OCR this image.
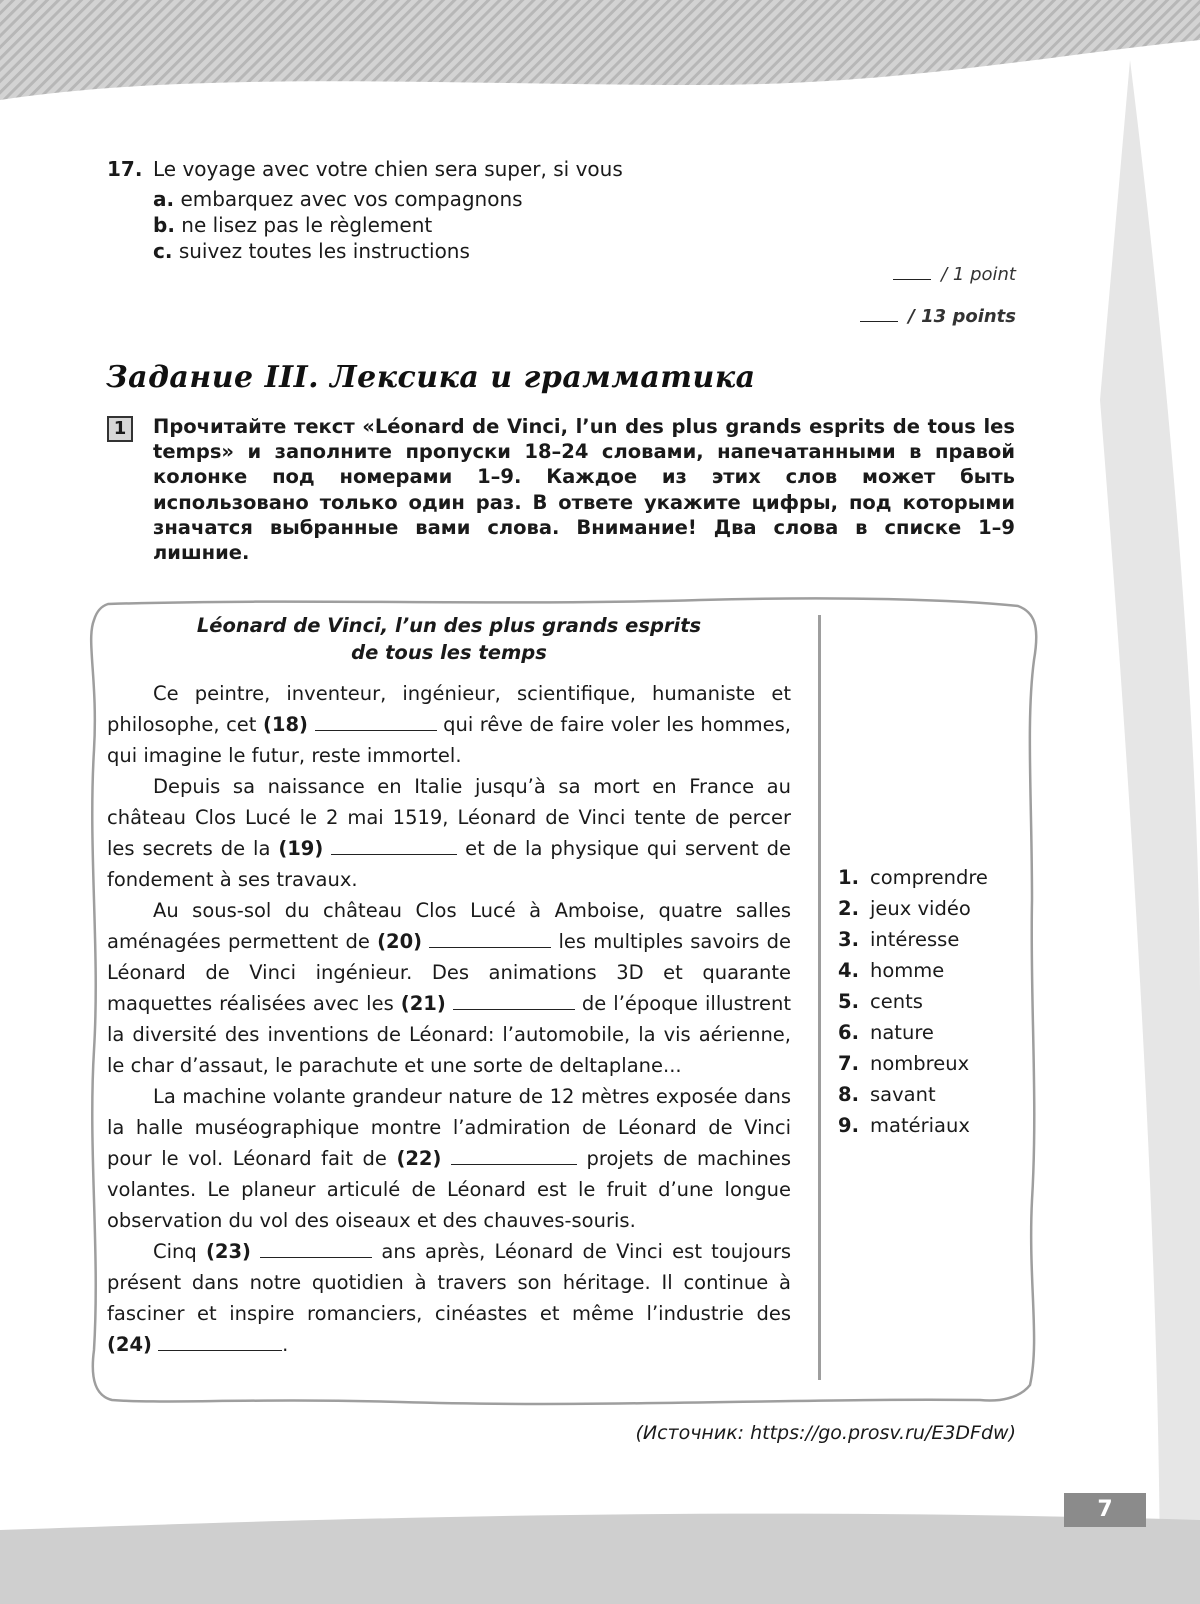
17. Le voyage avec votre chien sera super, si vous
a. embarquez avec vos compagnons
b. ne lisez pas le règlement
c. suivez toutes les instructions
/ 1 point
/ 13 points
Задание III. Лексика и грамматика
1	Прочитайте текст «Léonard de Vinci, l’un des plus grands esprits de tous les temps» и заполните пропуски 18–24 словами, напечатанными в правой колонке под номерами 1–9. Каждое из этих слов может быть использовано только один раз. В ответе укажите цифры, под которыми значатся выбранные вами слова. Внимание! Два слова в списке 1–9 лишние.
Léonard de Vinci, l’un des plus grands esprits
de tous les temps

Ce peintre, inventeur, ingénieur, scientifique, humaniste et philosophe, cet (18)	qui rêve de faire voler les hommes, qui imagine le futur, reste immortel.

Depuis sa naissance en Italie jusqu’à sa mort en France au château Clos Lucé le 2 mai 1519, Léonard de Vinci tente de percer les secrets de la (19)	et de la physique qui servent de fondement à ses travaux.

Au sous-sol du château Clos Lucé à Amboise, quatre salles aménagées permettent de (20)	les multiples savoirs de Léonard de Vinci ingénieur. Des animations 3D et quarante maquettes réalisées avec les (21)	de l’époque illustrent la diversité des inventions de Léonard: l’automobile, la vis aérienne, le char d’assaut, le parachute et une sorte de deltaplane...

La machine volante grandeur nature de 12 mètres exposée dans la halle muséographique montre l’admiration de Léonard de Vinci pour le vol. Léonard fait de (22)	projets de machines volantes. Le planeur articulé de Léonard est le fruit d’une longue observation du vol des oiseaux et des chauves-souris.

Cinq (23)	ans après, Léonard de Vinci est toujours présent dans notre quotidien à travers son héritage. Il continue à fasciner et inspire romanciers, cinéastes et même l’industrie des (24)	.

1. comprendre
2. jeux vidéo
3. intéresse
4. homme
5. cents
6. nature
7. nombreux
8. savant
9. matériaux
(Источник: https://go.prosv.ru/E3DFdw)
7
